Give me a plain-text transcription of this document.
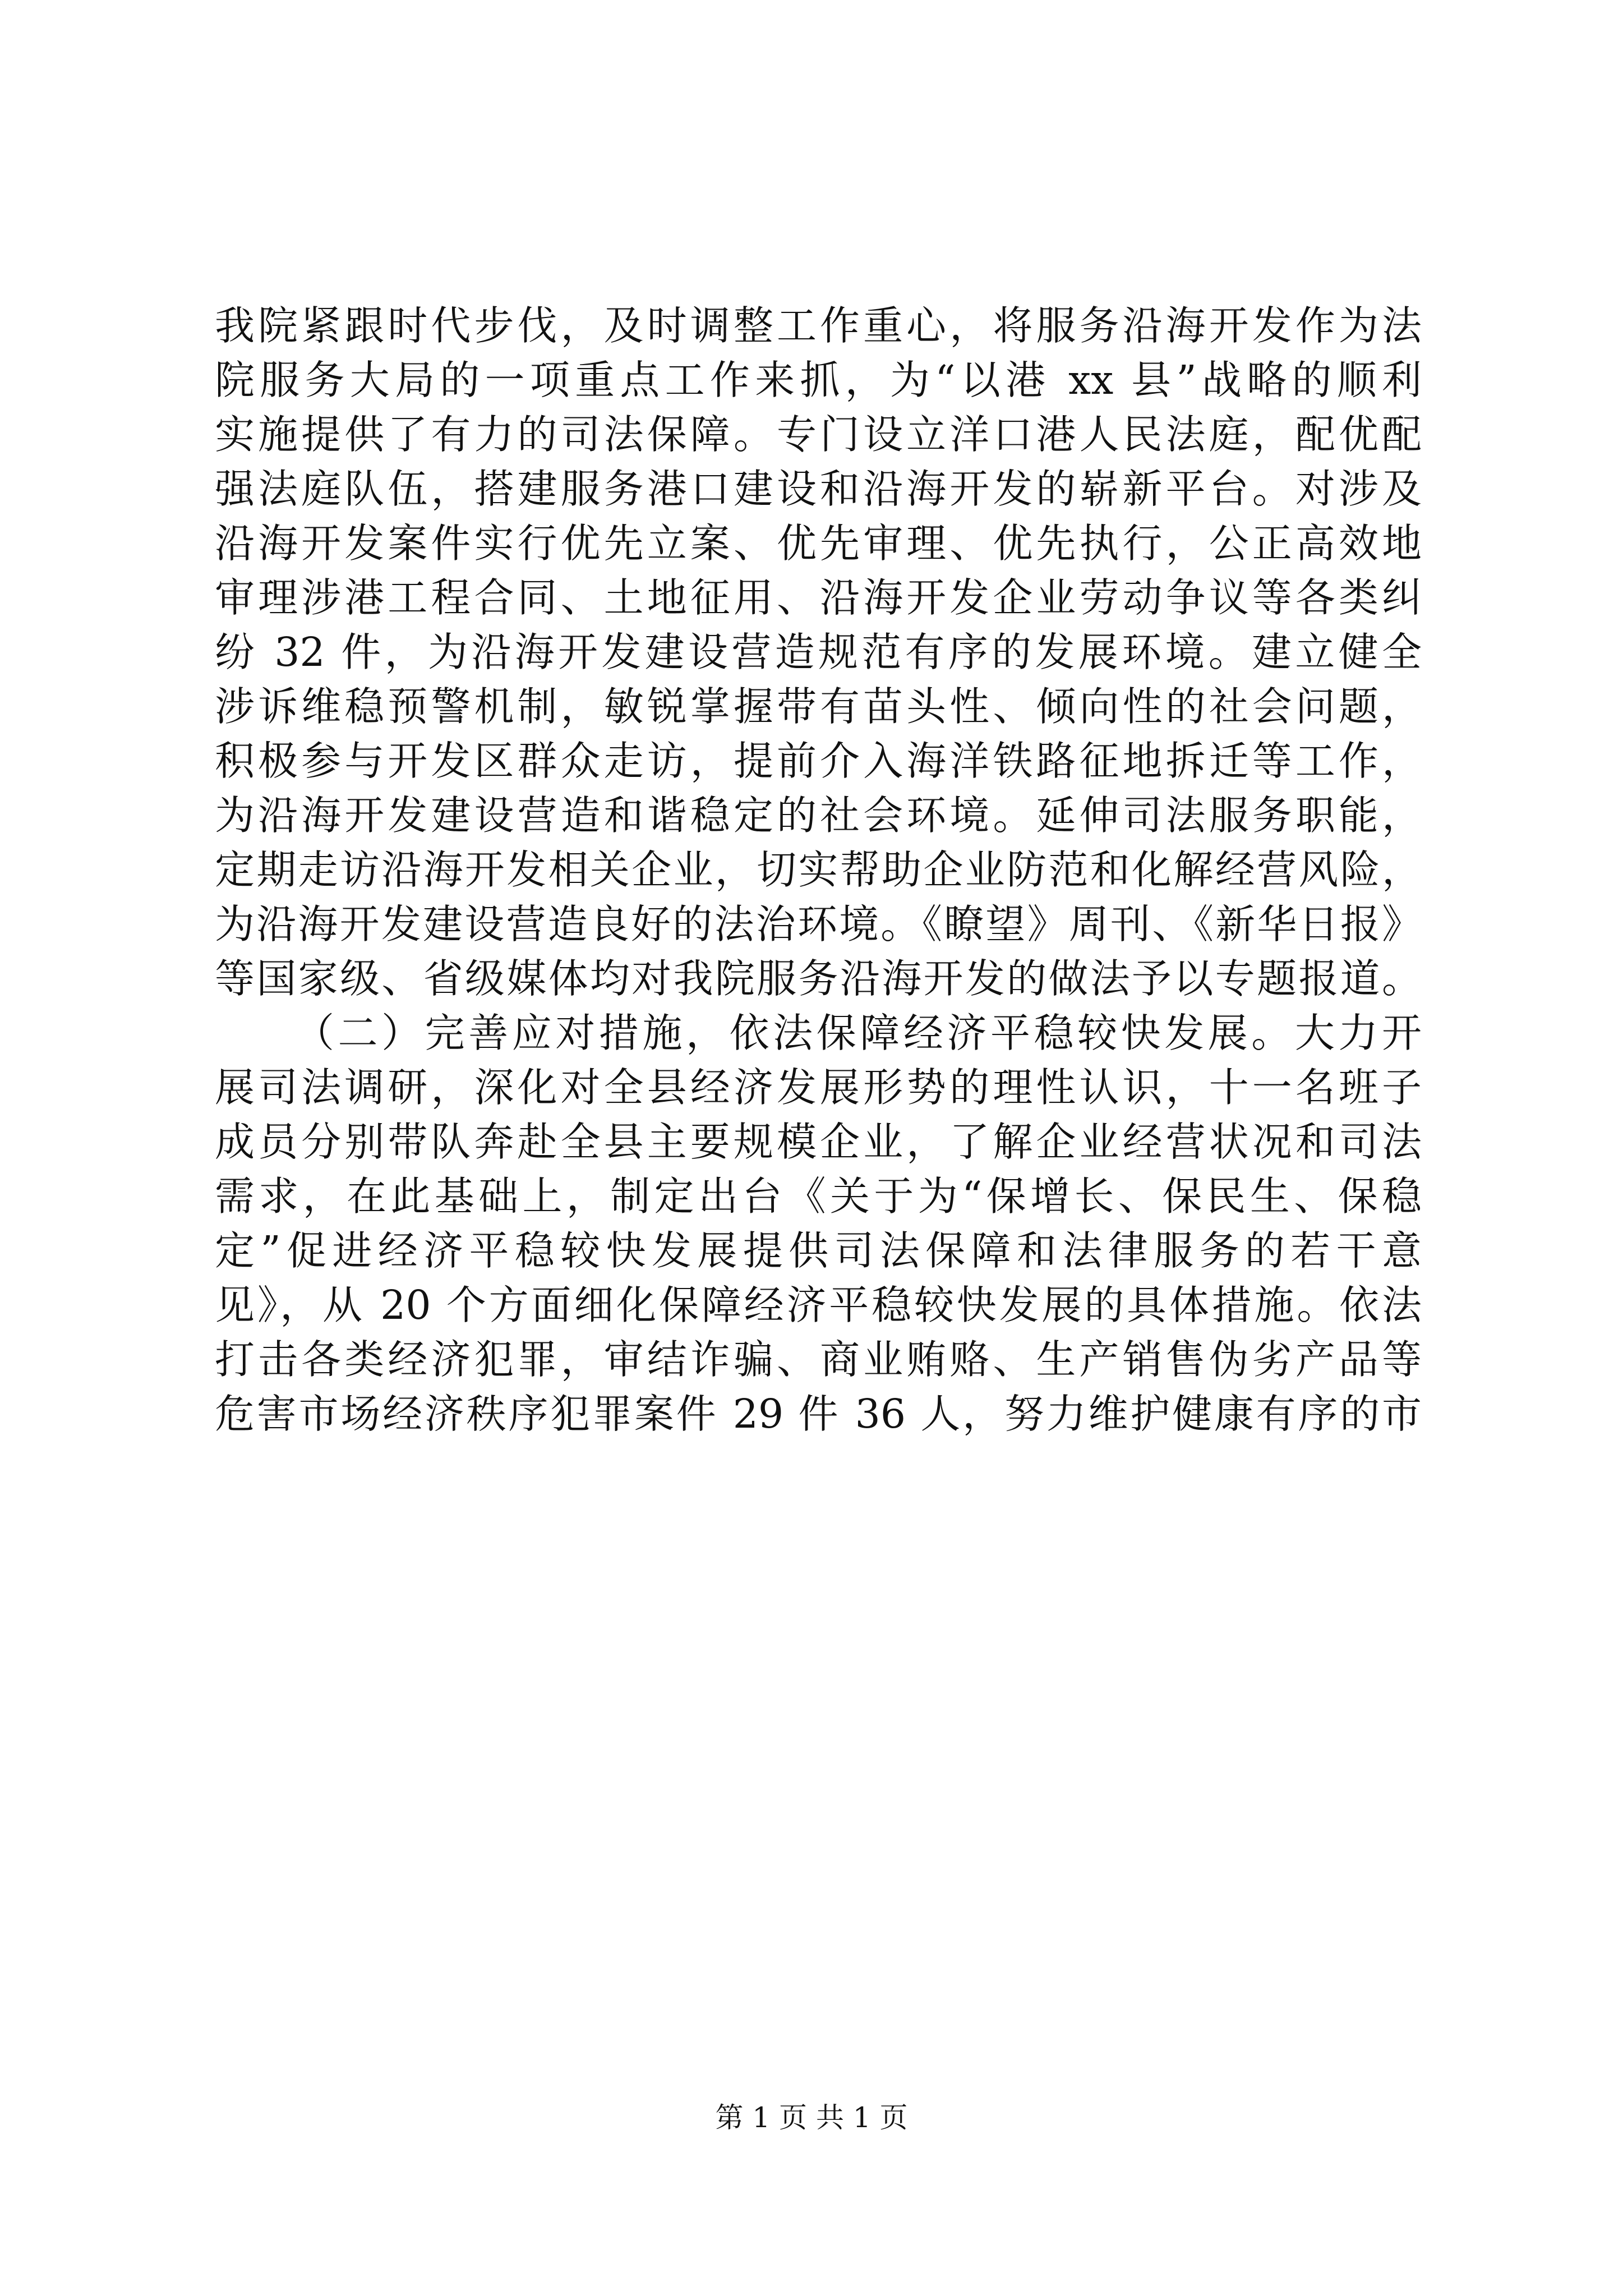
我院紧跟时代步伐，及时调整工作重心，将服务沿海开发作为法
院服务大局的一项重点工作来抓，为“以港 xx 县”战略的顺利
实施提供了有力的司法保障。专门设立洋口港人民法庭，配优配
强法庭队伍，搭建服务港口建设和沿海开发的崭新平台。对涉及
沿海开发案件实行优先立案、优先审理、优先执行，公正高效地
审理涉港工程合同、土地征用、沿海开发企业劳动争议等各类纠
纷 32 件，为沿海开发建设营造规范有序的发展环境。建立健全
涉诉维稳预警机制，敏锐掌握带有苗头性、倾向性的社会问题，
积极参与开发区群众走访，提前介入海洋铁路征地拆迁等工作，
为沿海开发建设营造和谐稳定的社会环境。延伸司法服务职能，
定期走访沿海开发相关企业，切实帮助企业防范和化解经营风险，
为沿海开发建设营造良好的法治环境。《瞭望》周刊、《新华日报》
等国家级、省级媒体均对我院服务沿海开发的做法予以专题报道。
（二）完善应对措施，依法保障经济平稳较快发展。大力开
展司法调研，深化对全县经济发展形势的理性认识，十一名班子
成员分别带队奔赴全县主要规模企业，了解企业经营状况和司法
需求，在此基础上，制定出台《关于为“保增长、保民生、保稳
定”促进经济平稳较快发展提供司法保障和法律服务的若干意
见》，从 20 个方面细化保障经济平稳较快发展的具体措施。依法
打击各类经济犯罪，审结诈骗、商业贿赂、生产销售伪劣产品等
危害市场经济秩序犯罪案件 29 件 36 人，努力维护健康有序的市
第 1 页 共 1 页
